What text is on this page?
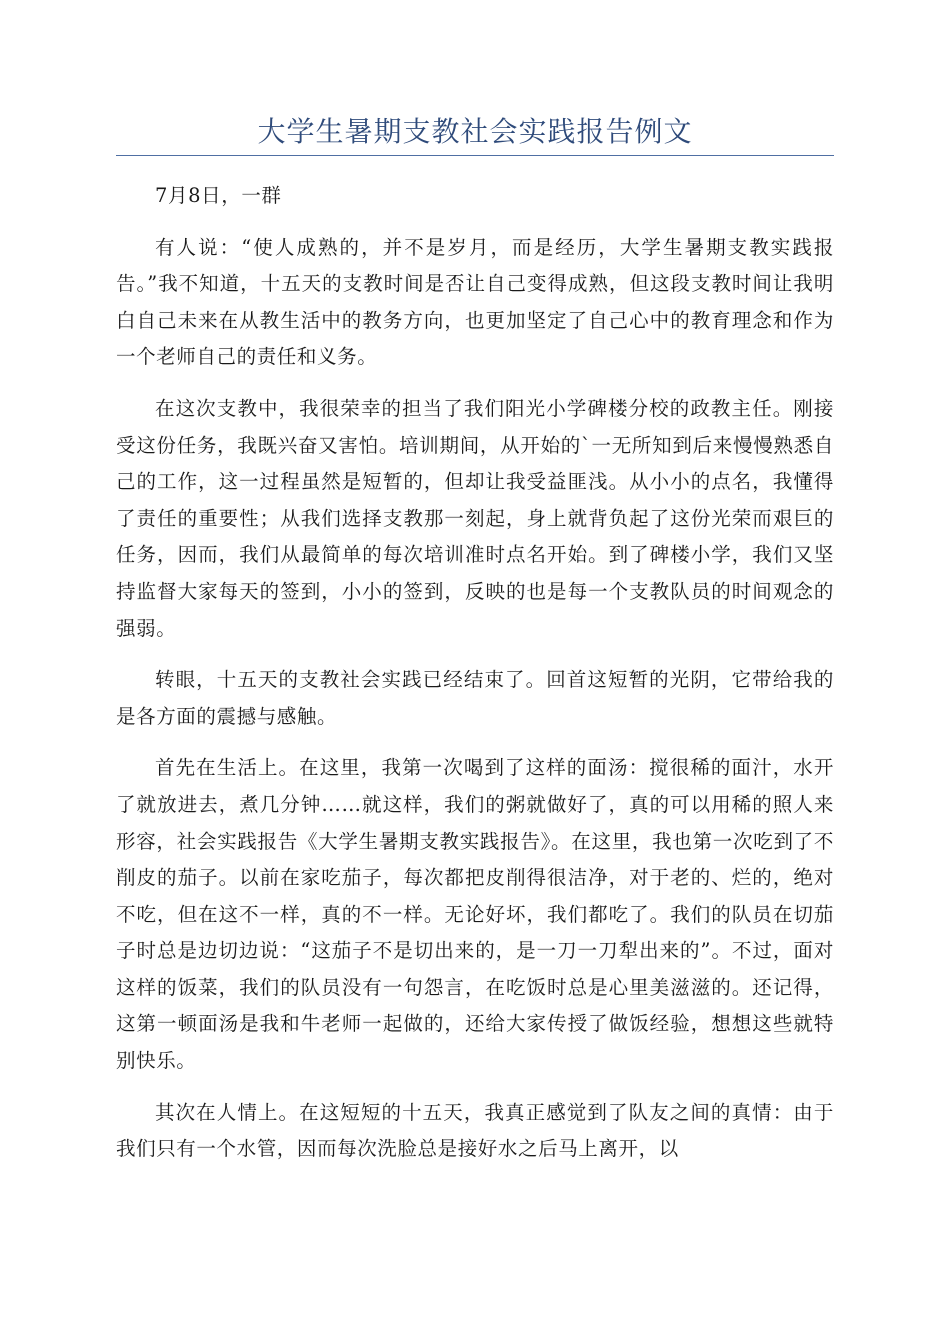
大学生暑期支教社会实践报告例文

7月8日，一群

有人说：“使人成熟的，并不是岁月，而是经历，大学生暑期支教实践报告。”我不知道，十五天的支教时间是否让自己变得成熟，但这段支教时间让我明白自己未来在从教生活中的教务方向，也更加坚定了自己心中的教育理念和作为一个老师自己的责任和义务。

在这次支教中，我很荣幸的担当了我们阳光小学碑楼分校的政教主任。刚接受这份任务，我既兴奋又害怕。培训期间，从开始的`一无所知到后来慢慢熟悉自己的工作，这一过程虽然是短暂的，但却让我受益匪浅。从小小的点名，我懂得了责任的重要性；从我们选择支教那一刻起，身上就背负起了这份光荣而艰巨的任务，因而，我们从最简单的每次培训准时点名开始。到了碑楼小学，我们又坚持监督大家每天的签到，小小的签到，反映的也是每一个支教队员的时间观念的强弱。

转眼，十五天的支教社会实践已经结束了。回首这短暂的光阴，它带给我的是各方面的震撼与感触。

首先在生活上。在这里，我第一次喝到了这样的面汤：搅很稀的面汁，水开了就放进去，煮几分钟……就这样，我们的粥就做好了，真的可以用稀的照人来形容，社会实践报告《大学生暑期支教实践报告》。在这里，我也第一次吃到了不削皮的茄子。以前在家吃茄子，每次都把皮削得很洁净，对于老的、烂的，绝对不吃，但在这不一样，真的不一样。无论好坏，我们都吃了。我们的队员在切茄子时总是边切边说：“这茄子不是切出来的，是一刀一刀犁出来的”。不过，面对这样的饭菜，我们的队员没有一句怨言，在吃饭时总是心里美滋滋的。还记得，这第一顿面汤是我和牛老师一起做的，还给大家传授了做饭经验，想想这些就特别快乐。

其次在人情上。在这短短的十五天，我真正感觉到了队友之间的真情：由于我们只有一个水管，因而每次洗脸总是接好水之后马上离开，以
